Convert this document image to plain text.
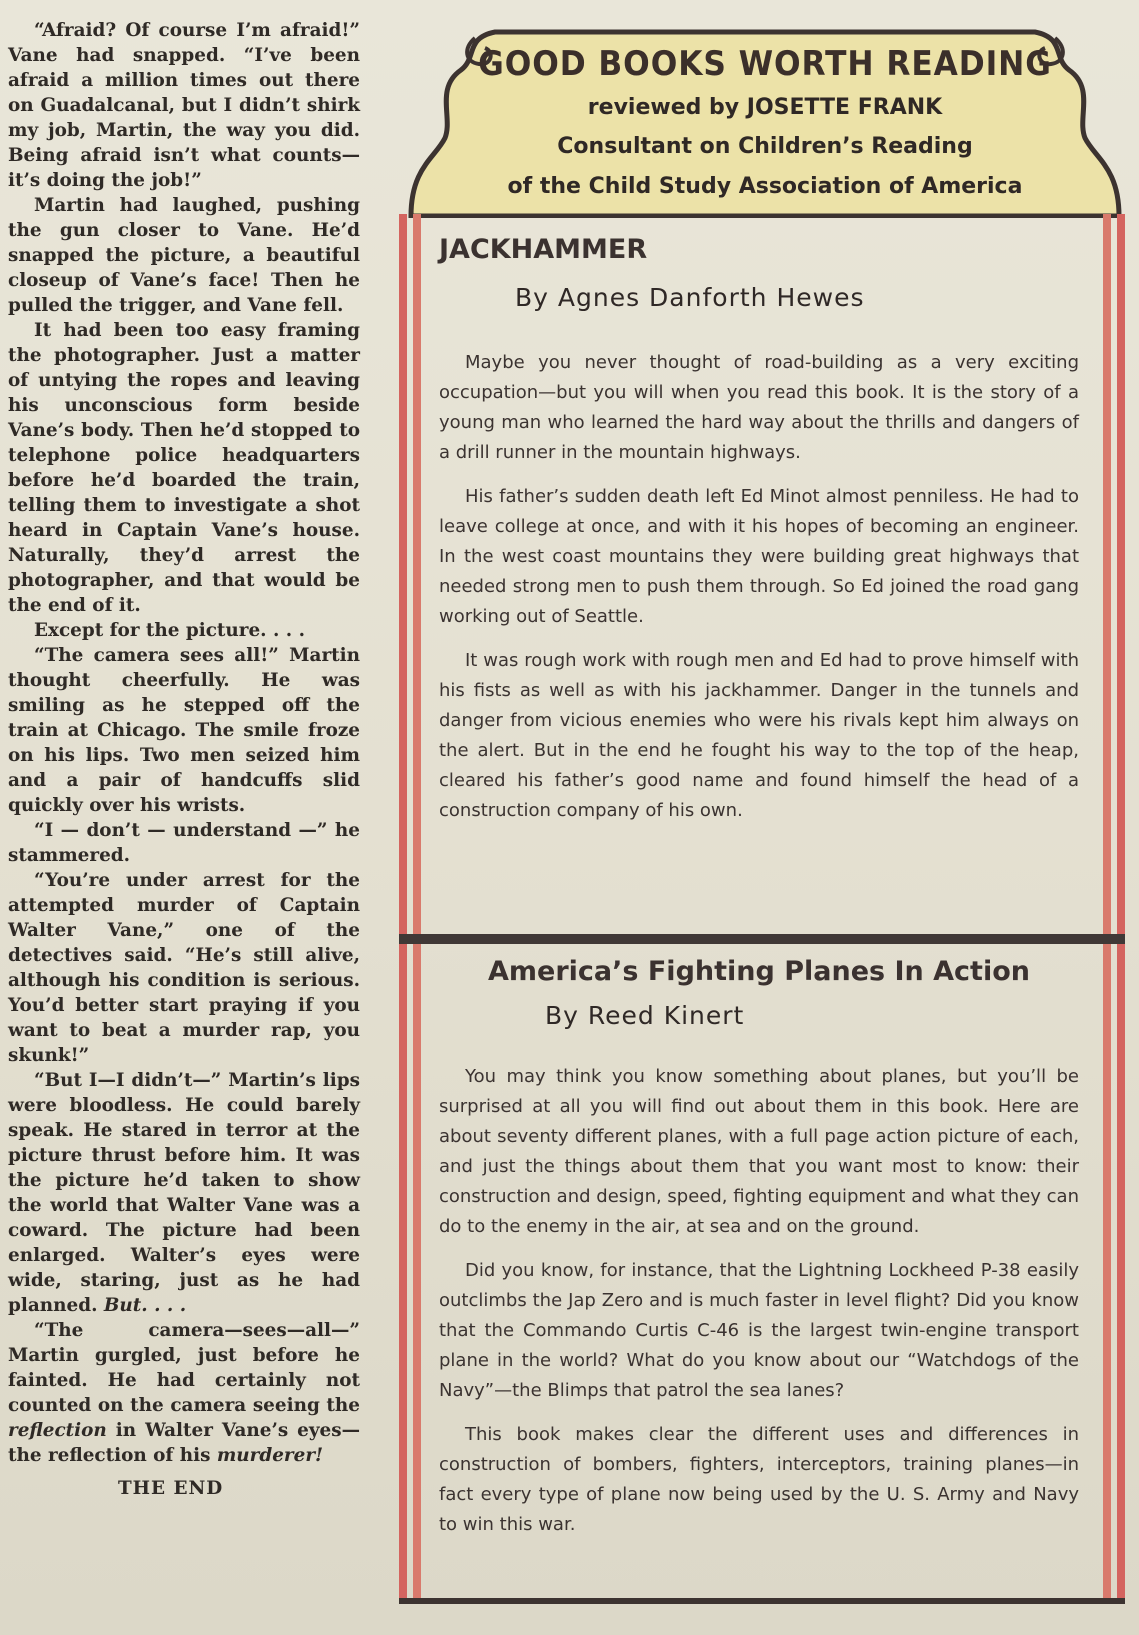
“Afraid? Of course I’m afraid!” Vane had snapped. “I’ve been afraid a million times out there on Guadalcanal, but I didn’t shirk my job, Martin, the way you did. Being afraid isn’t what counts—it’s doing the job!”

Martin had laughed, pushing the gun closer to Vane. He’d snapped the picture, a beautiful closeup of Vane’s face! Then he pulled the trigger, and Vane fell.

It had been too easy framing the photographer. Just a matter of untying the ropes and leaving his unconscious form beside Vane’s body. Then he’d stopped to telephone police headquarters before he’d boarded the train, telling them to investigate a shot heard in Captain Vane’s house. Naturally, they’d arrest the photographer, and that would be the end of it.

Except for the picture. . . .

“The camera sees all!” Martin thought cheerfully. He was smiling as he stepped off the train at Chicago. The smile froze on his lips. Two men seized him and a pair of handcuffs slid quickly over his wrists.

“I — don’t — understand —” he stammered.

“You’re under arrest for the attempted murder of Captain Walter Vane,” one of the detectives said. “He’s still alive, although his condition is serious. You’d better start praying if you want to beat a murder rap, you skunk!”

“But I—I didn’t—” Martin’s lips were bloodless. He could barely speak. He stared in terror at the picture thrust before him. It was the picture he’d taken to show the world that Walter Vane was a coward. The picture had been enlarged. Walter’s eyes were wide, staring, just as he had planned. But. . . .

“The camera—sees—all—” Martin gurgled, just before he fainted. He had certainly not counted on the camera seeing the reflection in Walter Vane’s eyes—the reflection of his murderer!

THE END

GOOD BOOKS WORTH READING
reviewed by JOSETTE FRANK
Consultant on Children’s Reading
of the Child Study Association of America
JACKHAMMER
By Agnes Danforth Hewes

Maybe you never thought of road-building as a very exciting occupation—but you will when you read this book. It is the story of a young man who learned the hard way about the thrills and dangers of a drill runner in the mountain highways.

His father’s sudden death left Ed Minot almost penniless. He had to leave college at once, and with it his hopes of becoming an engineer. In the west coast mountains they were building great highways that needed strong men to push them through. So Ed joined the road gang working out of Seattle.

It was rough work with rough men and Ed had to prove himself with his fists as well as with his jackhammer. Danger in the tunnels and danger from vicious enemies who were his rivals kept him always on the alert. But in the end he fought his way to the top of the heap, cleared his father’s good name and found himself the head of a construction company of his own.

America’s Fighting Planes In Action
By Reed Kinert

You may think you know something about planes, but you’ll be surprised at all you will find out about them in this book. Here are about seventy different planes, with a full page action picture of each, and just the things about them that you want most to know: their construction and design, speed, fighting equipment and what they can do to the enemy in the air, at sea and on the ground.

Did you know, for instance, that the Lightning Lockheed P-38 easily outclimbs the Jap Zero and is much faster in level flight? Did you know that the Commando Curtis C-46 is the largest twin-engine transport plane in the world? What do you know about our “Watchdogs of the Navy”—the Blimps that patrol the sea lanes?

This book makes clear the different uses and differences in construction of bombers, fighters, interceptors, training planes—in fact every type of plane now being used by the U. S. Army and Navy to win this war.
